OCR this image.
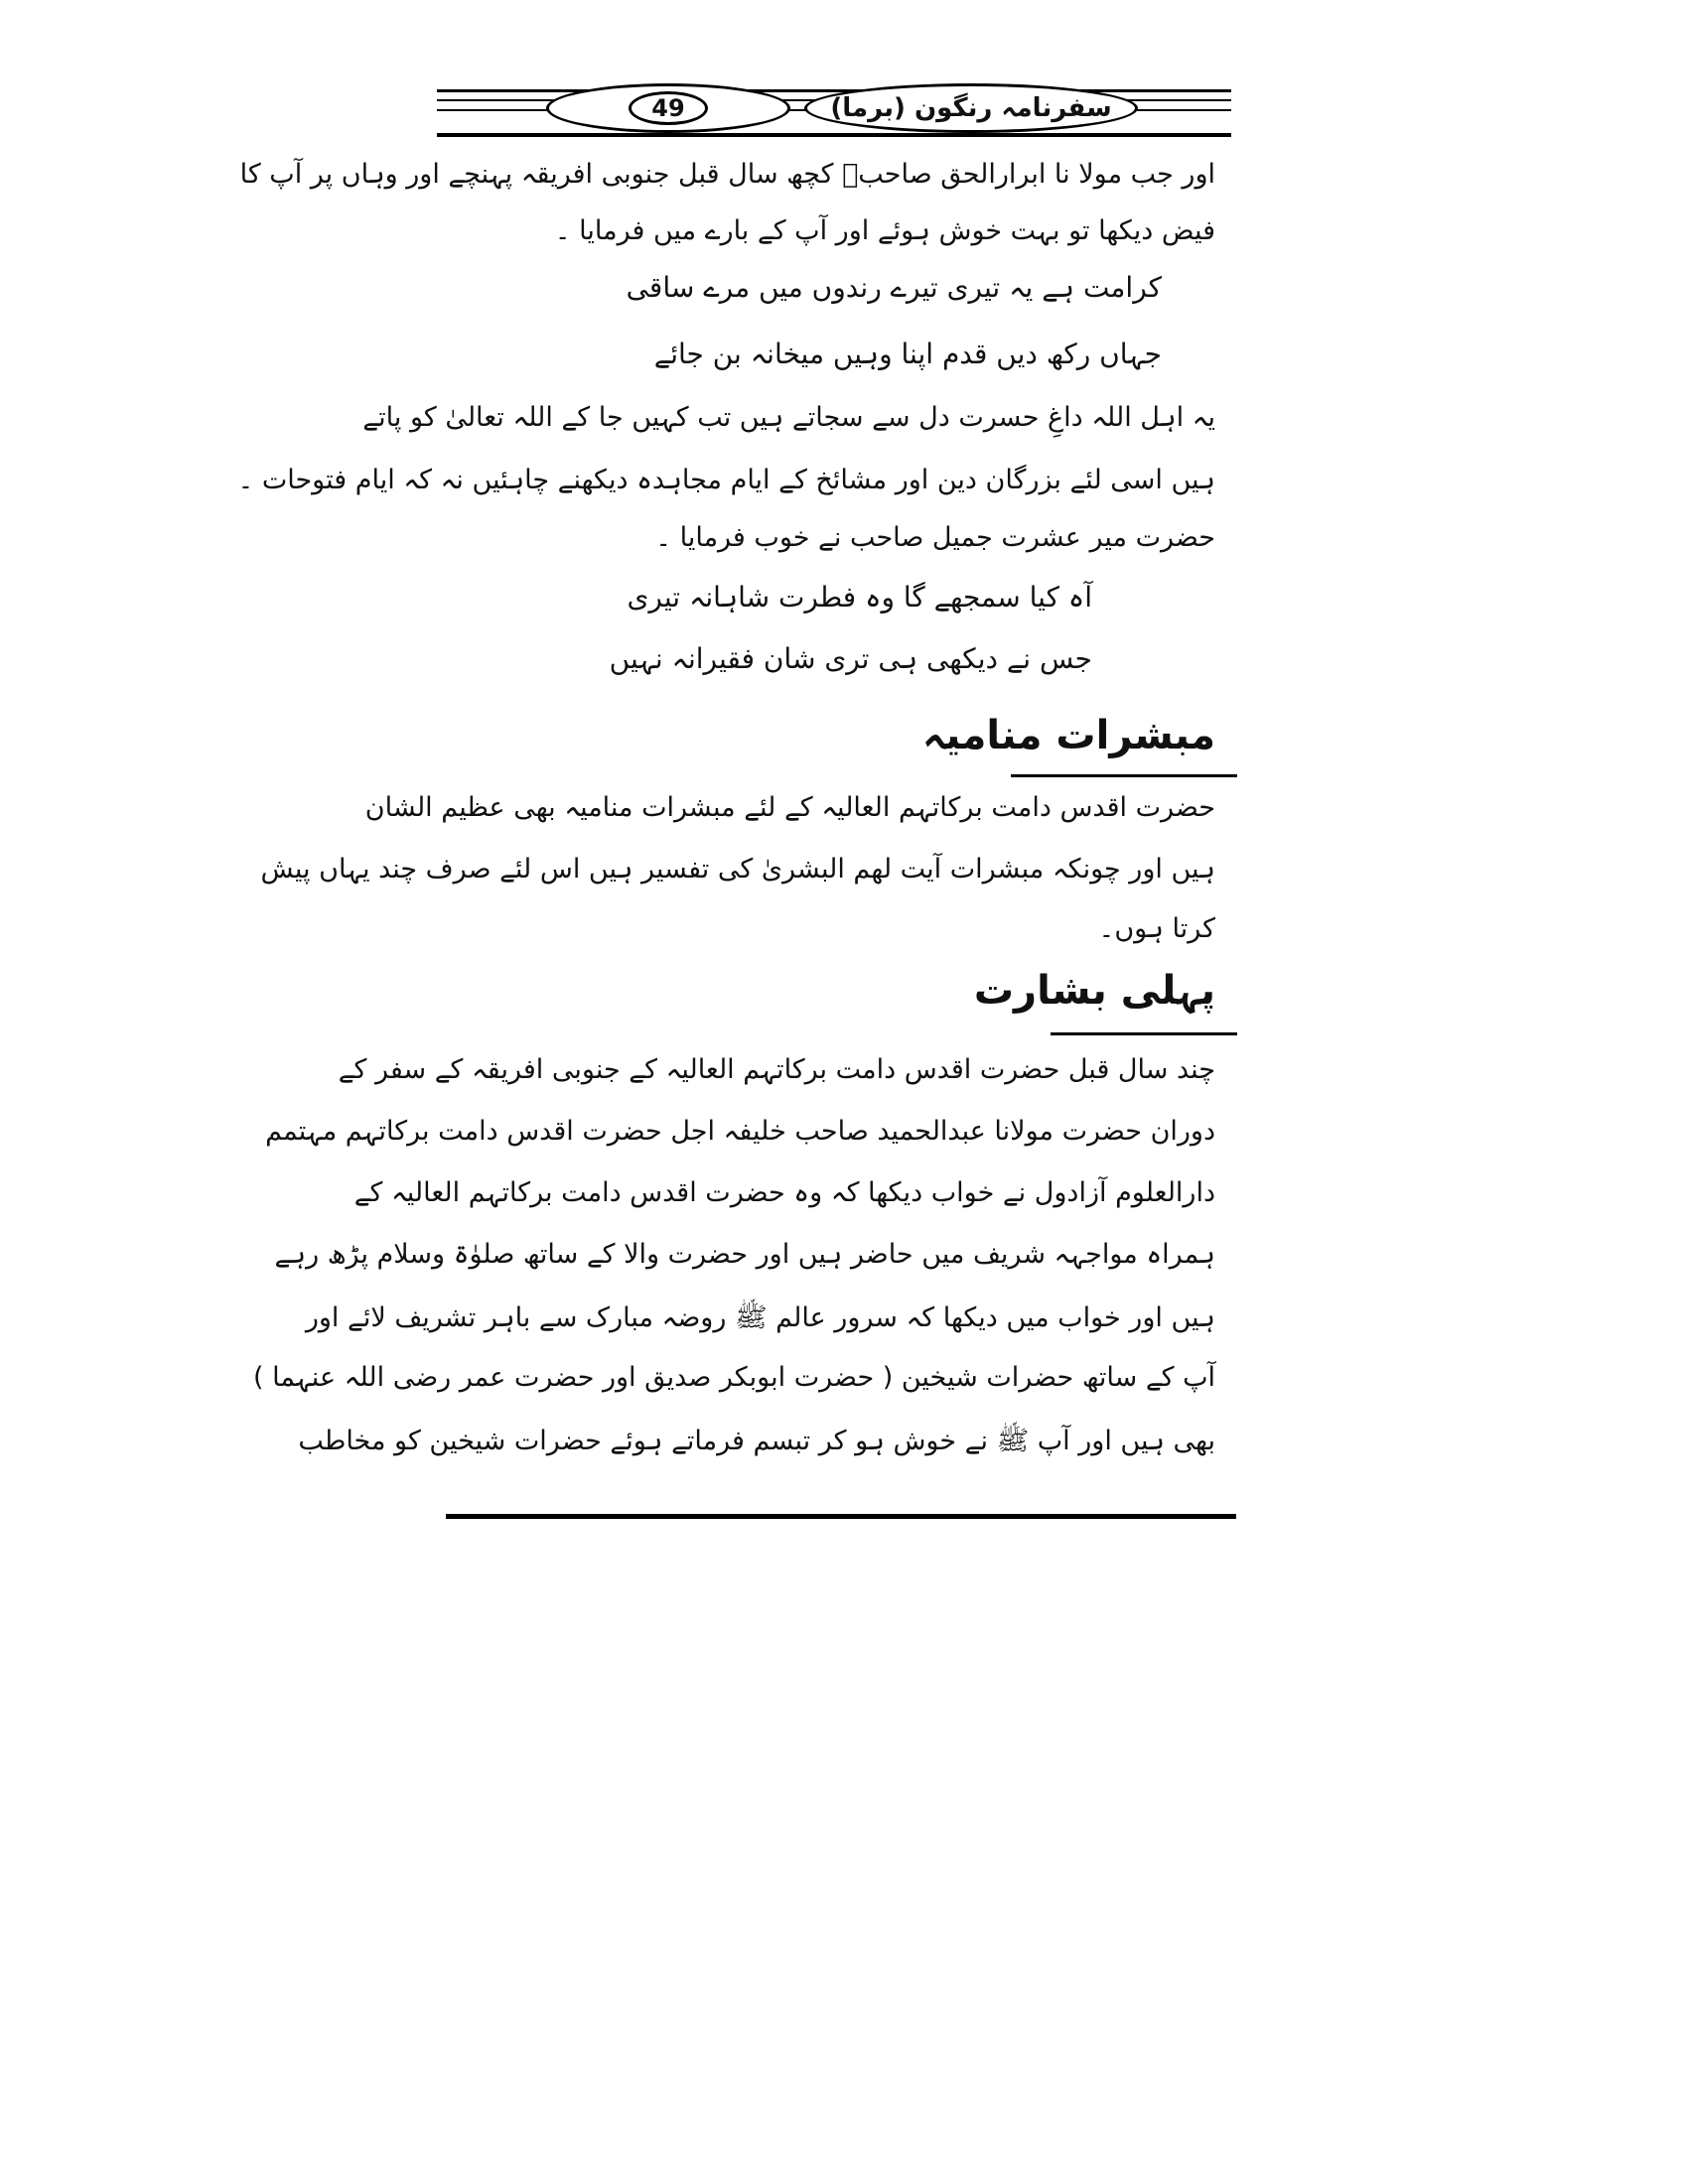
49	سفرنامہ رنگون (برما)
اور جب مولا نا ابرارالحق صاحبؒ کچھ سال قبل جنوبی افریقہ پہنچے اور وہاں پر آپ کا
فیض دیکھا تو بہت خوش ہوئے اور آپ کے بارے میں فرمایا ۔
کرامت ہے یہ تیری تیرے رندوں میں مرے ساقی
جہاں رکھ دیں قدم اپنا وہیں میخانہ بن جائے
یہ اہل اللہ داغِ حسرت دل سے سجاتے ہیں تب کہیں جا کے اللہ تعالیٰ کو پاتے
ہیں اسی لئے بزرگان دین اور مشائخ کے ایام مجاہدہ دیکھنے چاہئیں نہ کہ ایام فتوحات ۔
حضرت میر عشرت جمیل صاحب نے خوب فرمایا ۔
آہ کیا سمجھے گا وہ فطرت شاہانہ تیری
جس نے دیکھی ہی تری شان فقیرانہ نہیں
مبشرات منامیہ
حضرت اقدس دامت برکاتہم العالیہ کے لئے مبشرات منامیہ بھی عظیم الشان
ہیں اور چونکہ مبشرات آیت لھم البشریٰ کی تفسیر ہیں اس لئے صرف چند یہاں پیش
کرتا ہوں۔
پہلی بشارت
چند سال قبل حضرت اقدس دامت برکاتہم العالیہ کے جنوبی افریقہ کے سفر کے
دوران حضرت مولانا عبدالحمید صاحب خلیفہ اجل حضرت اقدس دامت برکاتہم مہتمم
دارالعلوم آزادول نے خواب دیکھا کہ وہ حضرت اقدس دامت برکاتہم العالیہ کے
ہمراہ مواجہہ شریف میں حاضر ہیں اور حضرت والا کے ساتھ صلوٰۃ وسلام پڑھ رہے
ہیں اور خواب میں دیکھا کہ سرور عالم ﷺ روضہ مبارک سے باہر تشریف لائے اور
آپ کے ساتھ حضرات شیخین ( حضرت ابوبکر صدیق اور حضرت عمر رضی اللہ عنہما )
بھی ہیں اور آپ ﷺ نے خوش ہو کر تبسم فرماتے ہوئے حضرات شیخین کو مخاطب
